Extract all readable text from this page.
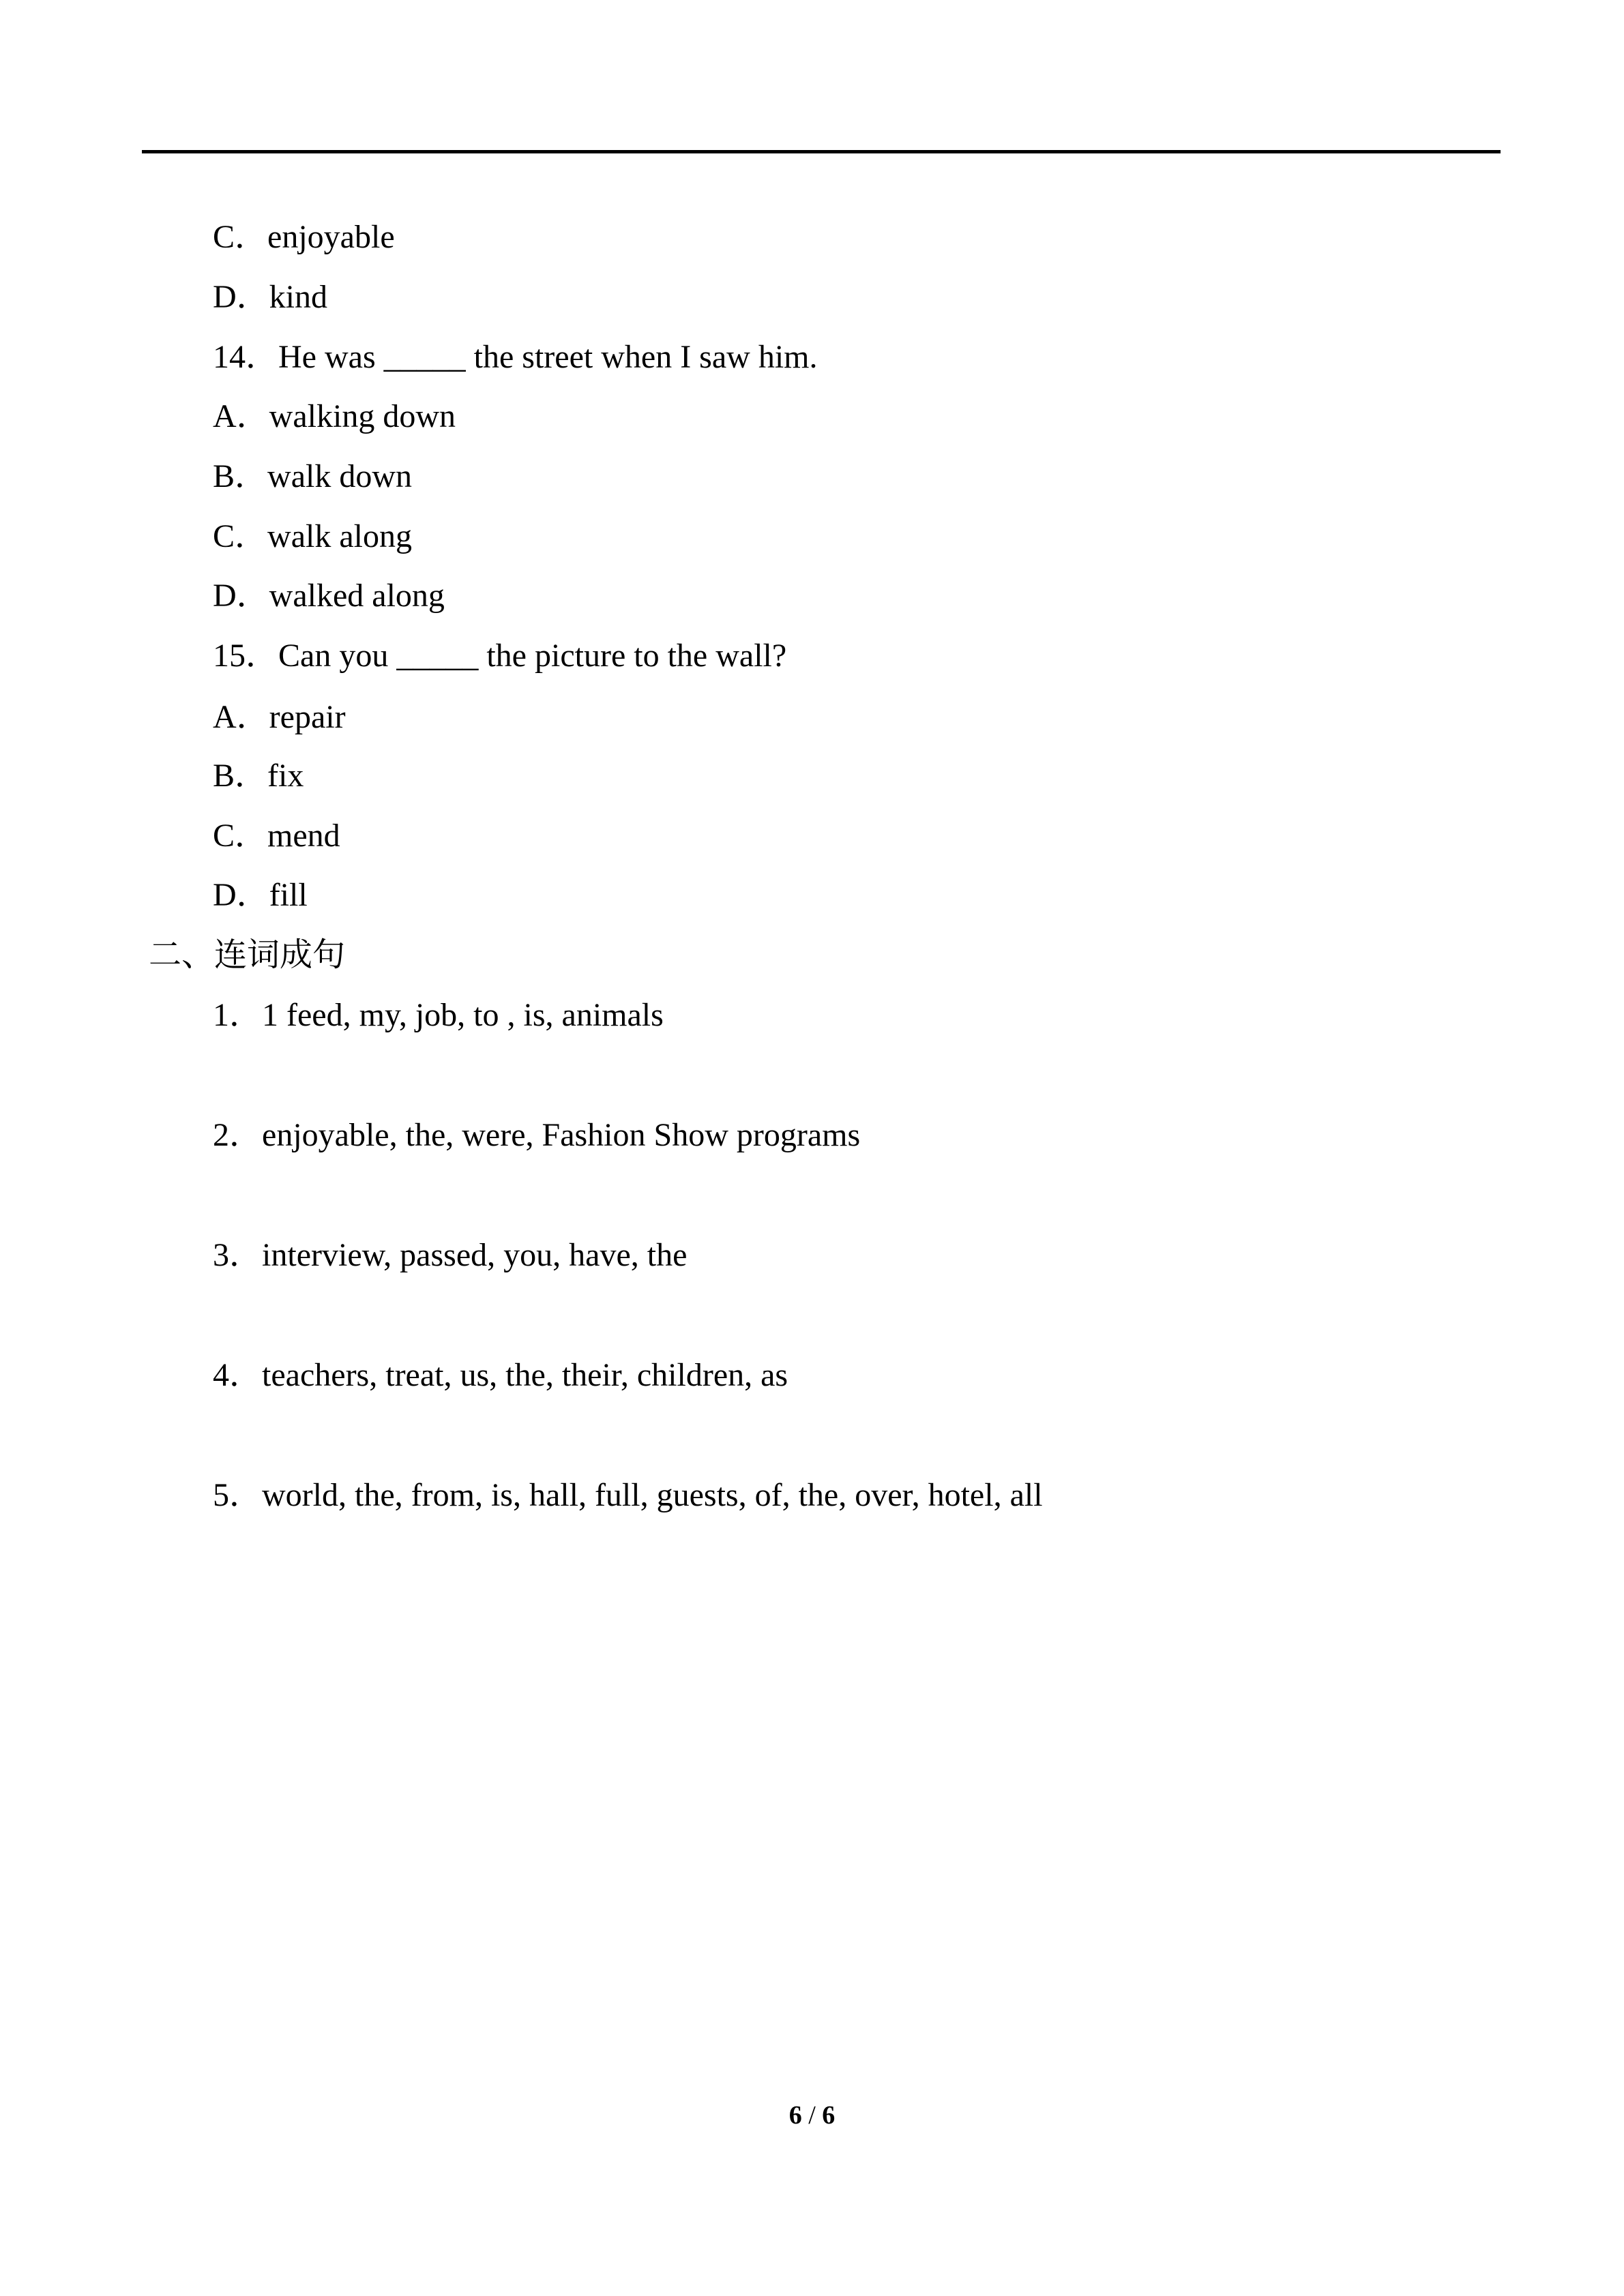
C．enjoyable
D．kind
14．He was _____ the street when I saw him.
A．walking down
B．walk down
C．walk along
D．walked along
15．Can you _____ the picture to the wall?
A．repair
B．fix
C．mend
D．fill
二、连词成句
1．1 feed, my, job, to , is, animals
2．enjoyable, the, were, Fashion Show programs
3．interview, passed, you, have, the
4．teachers, treat, us, the, their, children, as
5．world, the, from, is, hall, full, guests, of, the, over, hotel, all
6 / 6
